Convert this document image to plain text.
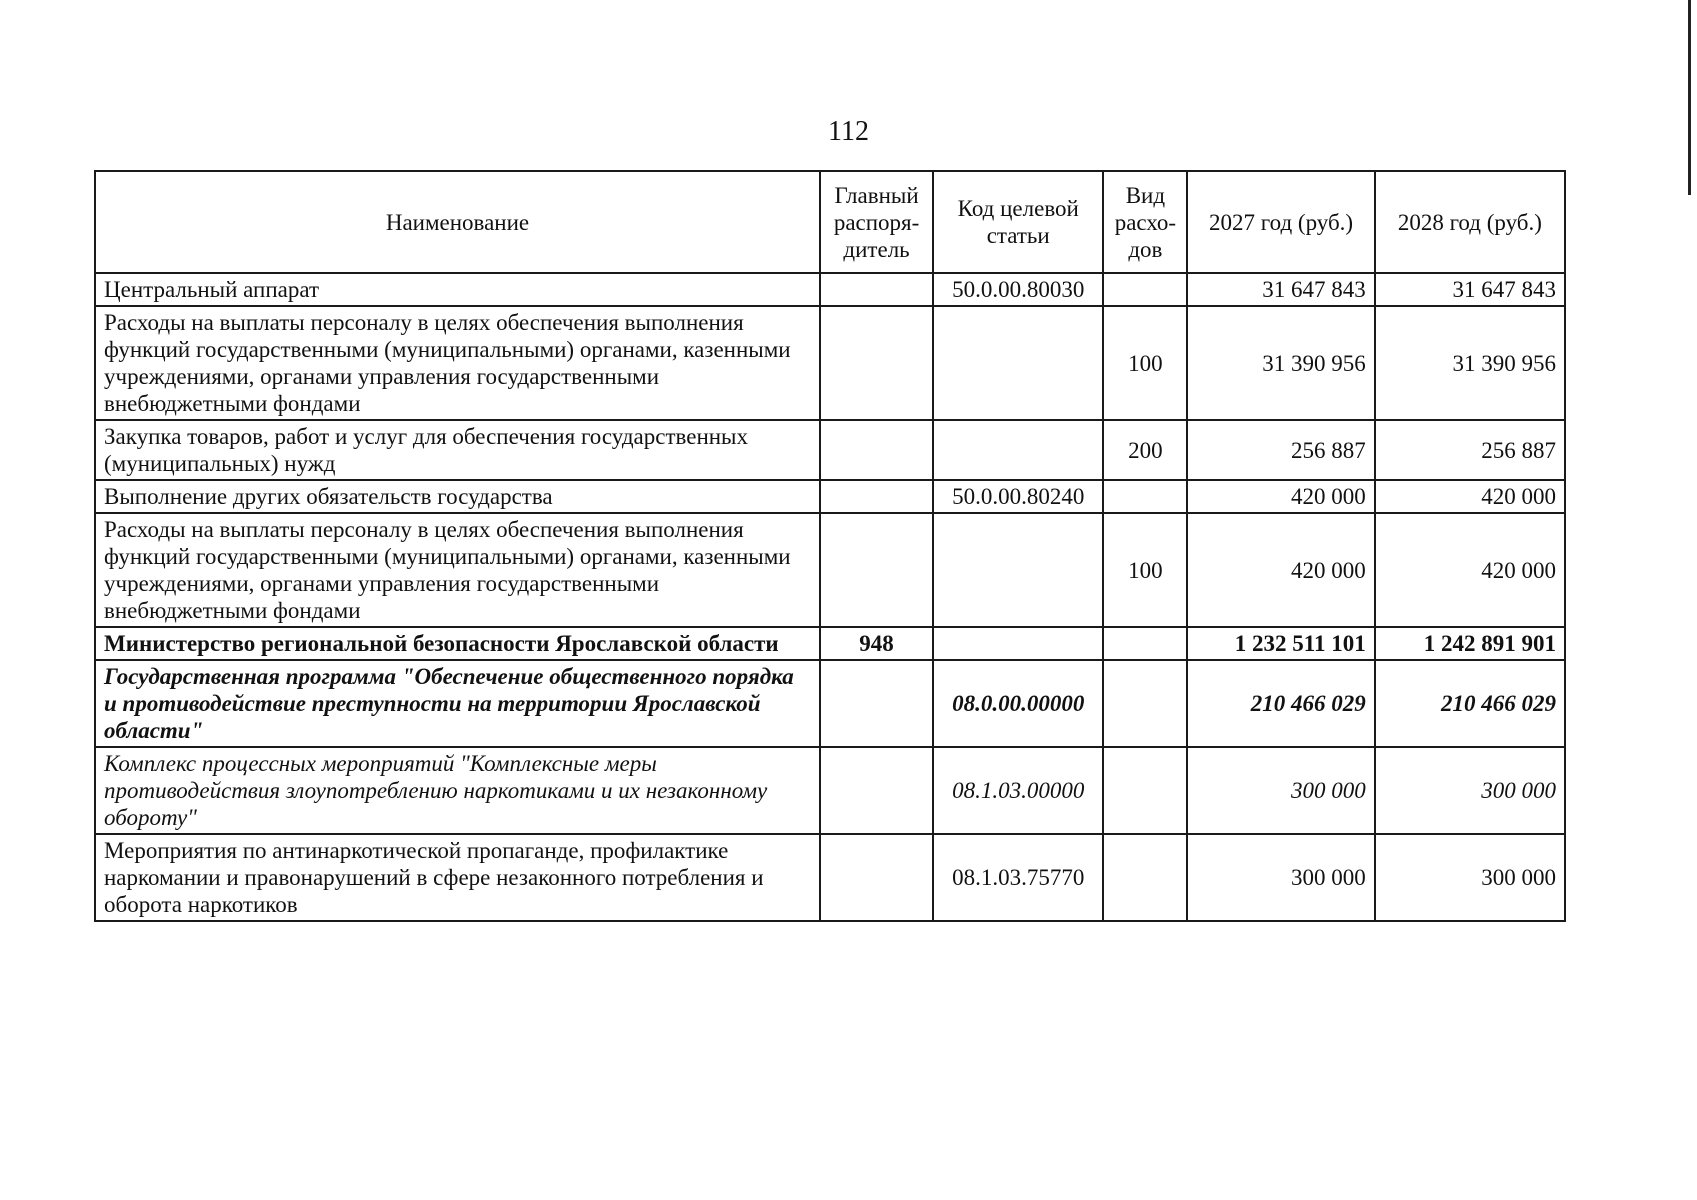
112
Наименование	Главный распоря-дитель	Код целевой статьи	Вид расхо-дов	2027 год (руб.)	2028 год (руб.)
Центральный аппарат		50.0.00.80030		31 647 843	31 647 843
Расходы на выплаты персоналу в целях обеспечения выполнения функций государственными (муниципальными) органами, казенными учреждениями, органами управления государственными внебюджетными фондами			100	31 390 956	31 390 956
Закупка товаров, работ и услуг для обеспечения государственных (муниципальных) нужд			200	256 887	256 887
Выполнение других обязательств государства		50.0.00.80240		420 000	420 000
Расходы на выплаты персоналу в целях обеспечения выполнения функций государственными (муниципальными) органами, казенными учреждениями, органами управления государственными внебюджетными фондами			100	420 000	420 000
Министерство региональной безопасности Ярославской области	948			1 232 511 101	1 242 891 901
Государственная программа "Обеспечение общественного порядка и противодействие преступности на территории Ярославской области"		08.0.00.00000		210 466 029	210 466 029
Комплекс процессных мероприятий "Комплексные меры противодействия злоупотреблению наркотиками и их незаконному обороту"		08.1.03.00000		300 000	300 000
Мероприятия по антинаркотической пропаганде, профилактике наркомании и правонарушений в сфере незаконного потребления и оборота наркотиков		08.1.03.75770		300 000	300 000
